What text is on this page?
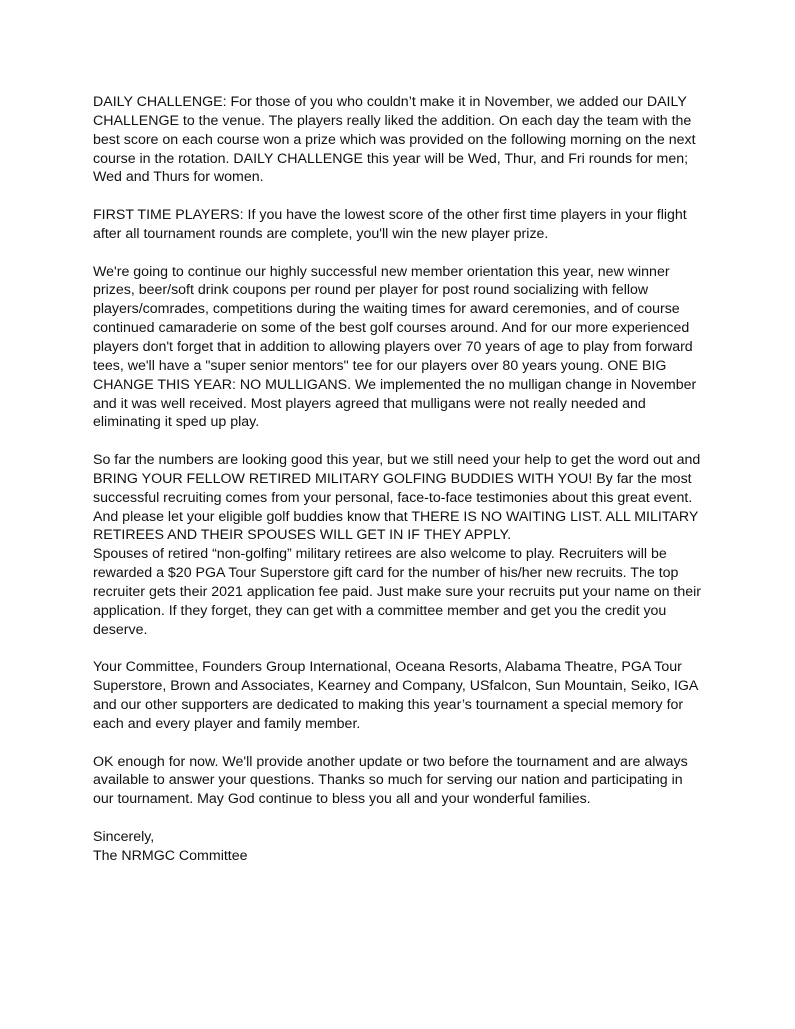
DAILY CHALLENGE: For those of you who couldn’t make it in November, we added our DAILY CHALLENGE to the venue. The players really liked the addition. On each day the team with the best score on each course won a prize which was provided on the following morning on the next course in the rotation. DAILY CHALLENGE this year will be Wed, Thur, and Fri rounds for men; Wed and Thurs for women.

FIRST TIME PLAYERS: If you have the lowest score of the other first time players in your flight after all tournament rounds are complete, you'll win the new player prize.

We're going to continue our highly successful new member orientation this year, new winner prizes, beer/soft drink coupons per round per player for post round socializing with fellow players/comrades, competitions during the waiting times for award ceremonies, and of course continued camaraderie on some of the best golf courses around. And for our more experienced players don't forget that in addition to allowing players over 70 years of age to play from forward tees, we'll have a "super senior mentors" tee for our players over 80 years young. ONE BIG CHANGE THIS YEAR: NO MULLIGANS. We implemented the no mulligan change in November and it was well received. Most players agreed that mulligans were not really needed and eliminating it sped up play.

So far the numbers are looking good this year, but we still need your help to get the word out and BRING YOUR FELLOW RETIRED MILITARY GOLFING BUDDIES WITH YOU! By far the most successful recruiting comes from your personal, face-to-face testimonies about this great event. And please let your eligible golf buddies know that THERE IS NO WAITING LIST. ALL MILITARY RETIREES AND THEIR SPOUSES WILL GET IN IF THEY APPLY.
Spouses of retired “non-golfing” military retirees are also welcome to play. Recruiters will be rewarded a $20 PGA Tour Superstore gift card for the number of his/her new recruits. The top recruiter gets their 2021 application fee paid. Just make sure your recruits put your name on their application. If they forget, they can get with a committee member and get you the credit you deserve.

Your Committee, Founders Group International, Oceana Resorts, Alabama Theatre, PGA Tour Superstore, Brown and Associates, Kearney and Company, USfalcon, Sun Mountain, Seiko, IGA and our other supporters are dedicated to making this year’s tournament a special memory for each and every player and family member.

OK enough for now. We'll provide another update or two before the tournament and are always available to answer your questions. Thanks so much for serving our nation and participating in our tournament. May God continue to bless you all and your wonderful families.

Sincerely,

The NRMGC Committee
